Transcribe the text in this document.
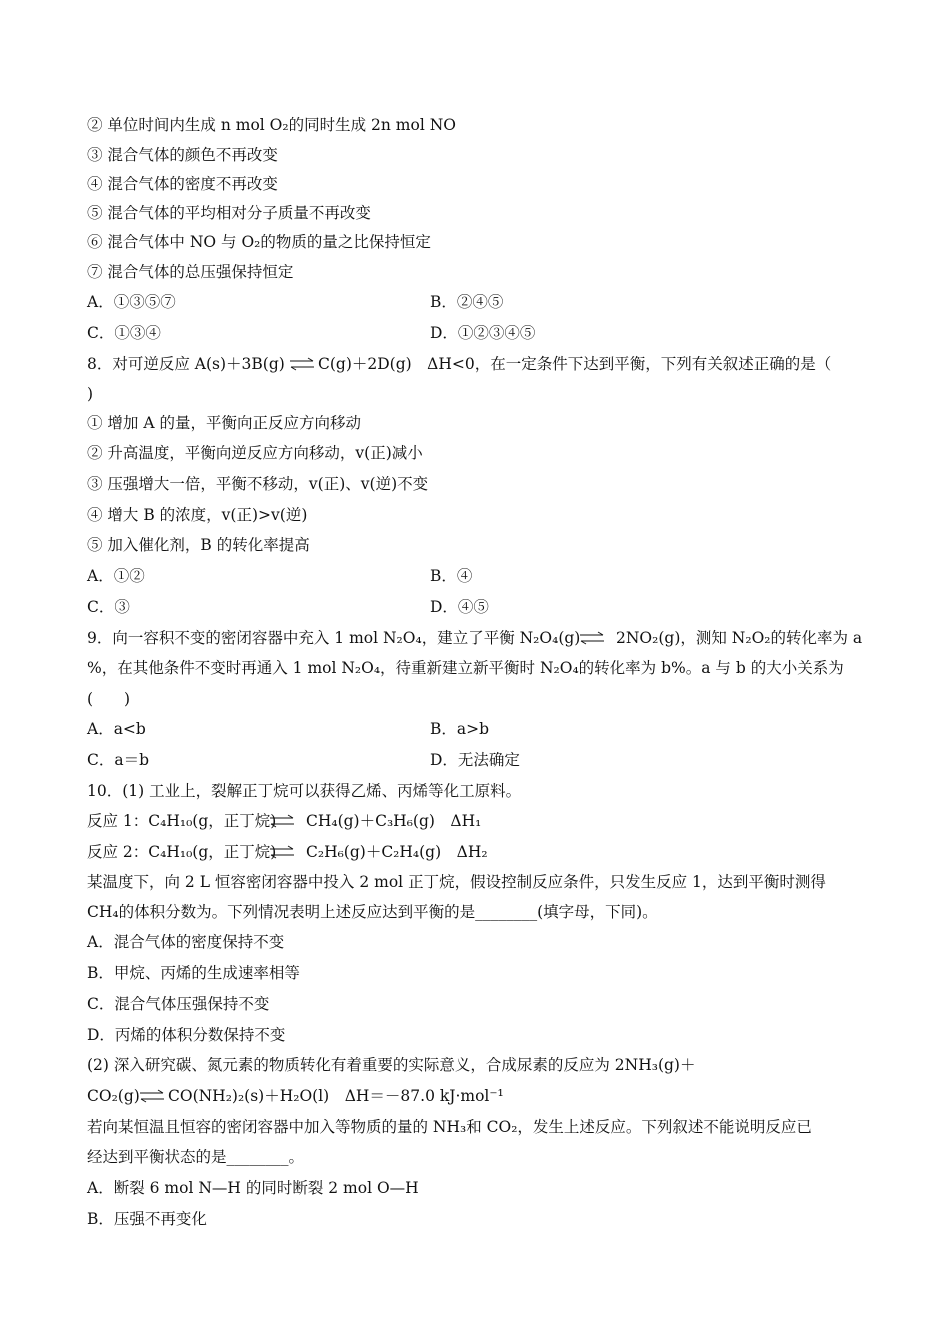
② 单位时间内生成 n mol O₂的同时生成 2n mol NO
③ 混合气体的颜色不再改变
④ 混合气体的密度不再改变
⑤ 混合气体的平均相对分子质量不再改变
⑥ 混合气体中 NO 与 O₂的物质的量之比保持恒定
⑦ 混合气体的总压强保持恒定
A．①③⑤⑦	B．②④⑤
C．①③④	D．①②③④⑤
8．对可逆反应 A(s)＋3B(g) ⇌ C(g)＋2D(g)　ΔH<0，在一定条件下达到平衡，下列有关叙述正确的是（
)
① 增加 A 的量，平衡向正反应方向移动
② 升高温度，平衡向逆反应方向移动，v(正)减小
③ 压强增大一倍，平衡不移动，v(正)、v(逆)不变
④ 增大 B 的浓度，v(正)>v(逆)
⑤ 加入催化剂，B 的转化率提高
A．①②	B．④
C．③	D．④⑤
9．向一容积不变的密闭容器中充入 1 mol N₂O₄，建立了平衡 N₂O₄(g) ⇌ 2NO₂(g)，测知 N₂O₂的转化率为 a
%，在其他条件不变时再通入 1 mol N₂O₄，待重新建立新平衡时 N₂O₄的转化率为 b%。a 与 b 的大小关系为
(　　)
A．a<b	B．a>b
C．a＝b	D．无法确定
10．(1) 工业上，裂解正丁烷可以获得乙烯、丙烯等化工原料。
反应 1：C₄H₁₀(g，正丁烷) ⇌ CH₄(g)＋C₃H₆(g)　ΔH₁
反应 2：C₄H₁₀(g，正丁烷) ⇌ C₂H₆(g)＋C₂H₄(g)　ΔH₂
某温度下，向 2 L 恒容密闭容器中投入 2 mol 正丁烷，假设控制反应条件，只发生反应 1，达到平衡时测得
CH₄的体积分数为。下列情况表明上述反应达到平衡的是________(填字母，下同)。
A．混合气体的密度保持不变
B．甲烷、丙烯的生成速率相等
C．混合气体压强保持不变
D．丙烯的体积分数保持不变
(2) 深入研究碳、氮元素的物质转化有着重要的实际意义，合成尿素的反应为 2NH₃(g)＋
CO₂(g) ⇌ CO(NH₂)₂(s)＋H₂O(l)　ΔH＝－87.0 kJ·mol⁻¹
若向某恒温且恒容的密闭容器中加入等物质的量的 NH₃和 CO₂，发生上述反应。下列叙述不能说明反应已
经达到平衡状态的是________。
A．断裂 6 mol N—H 的同时断裂 2 mol O—H
B．压强不再变化
